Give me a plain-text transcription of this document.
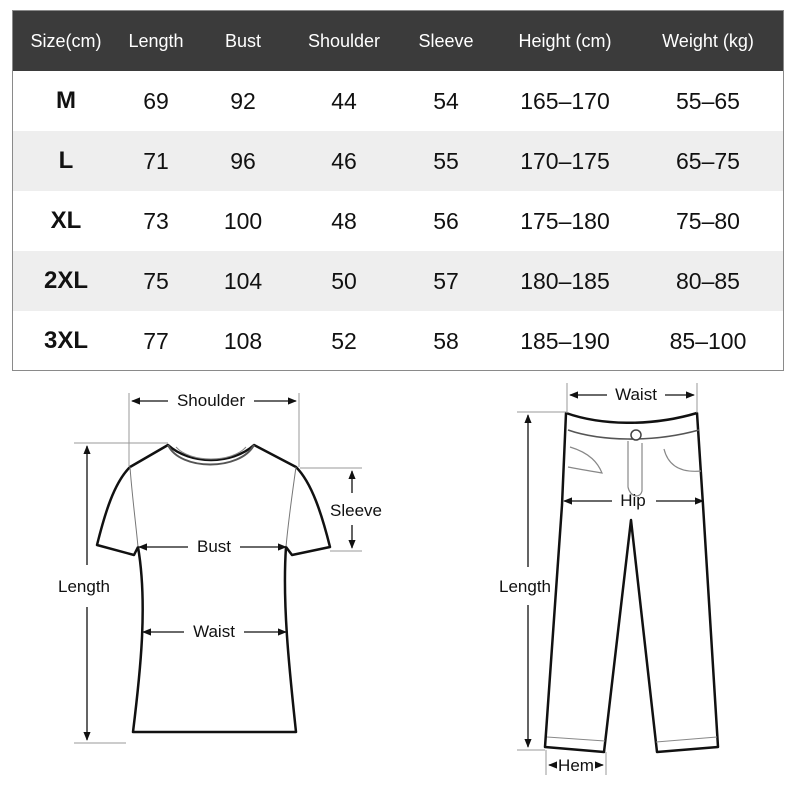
Size(cm)	Length	Bust	Shoulder	Sleeve	Height (cm)	Weight (kg)
M	69	92	44	54	165–170	55–65
L	71	96	46	55	170–175	65–75
XL	73	100	48	56	175–180	75–80
2XL	75	104	50	57	180–185	80–85
3XL	77	108	52	58	185–190	85–100
Shoulder
Sleeve
Bust
Waist
Length
Waist
Hip
Length
Hem
